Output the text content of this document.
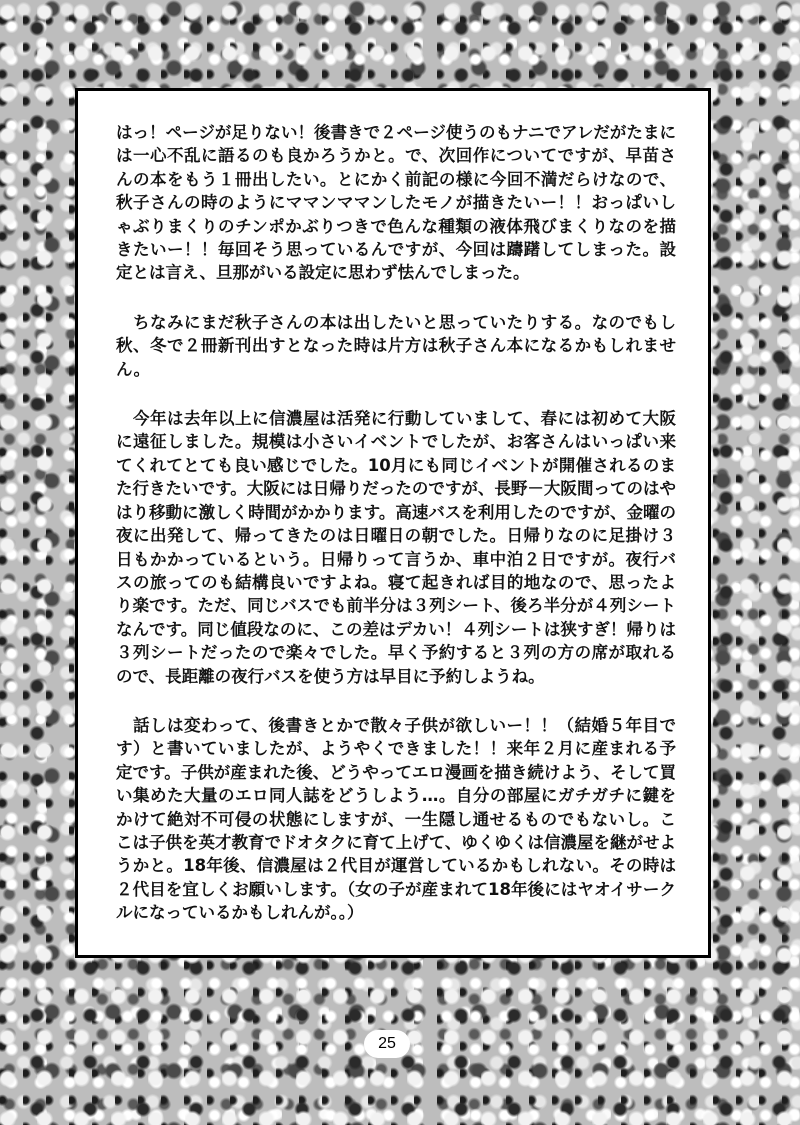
はっ！ページが足りない！後書きで２ページ使うのもナニでアレだがたまには一心不乱に語るのも良かろうかと。で、次回作についてですが、早苗さんの本をもう１冊出したい。とにかく前記の様に今回不満だらけなので、秋子さんの時のようにママンママンしたモノが描きたいー！！おっぱいしゃぶりまくりのチンポかぶりつきで色んな種類の液体飛びまくりなのを描きたいー！！毎回そう思っているんですが、今回は躊躇してしまった。設定とは言え、旦那がいる設定に思わず怯んでしまった。

　ちなみにまだ秋子さんの本は出したいと思っていたりする。なのでもし秋、冬で２冊新刊出すとなった時は片方は秋子さん本になるかもしれません。

　今年は去年以上に信濃屋は活発に行動していまして、春には初めて大阪に遠征しました。規模は小さいイベントでしたが、お客さんはいっぱい来てくれてとても良い感じでした。10月にも同じイベントが開催されるのまた行きたいです。大阪には日帰りだったのですが、長野－大阪間ってのはやはり移動に激しく時間がかかります。高速バスを利用したのですが、金曜の夜に出発して、帰ってきたのは日曜日の朝でした。日帰りなのに足掛け３日もかかっているという。日帰りって言うか、車中泊２日ですが。夜行バスの旅ってのも結構良いですよね。寝て起きれば目的地なので、思ったより楽です。ただ、同じバスでも前半分は３列シート、後ろ半分が４列シートなんです。同じ値段なのに、この差はデカい！４列シートは狭すぎ！帰りは３列シートだったので楽々でした。早く予約すると３列の方の席が取れるので、長距離の夜行バスを使う方は早目に予約しようね。

　話しは変わって、後書きとかで散々子供が欲しいー！！（結婚５年目です）と書いていましたが、ようやくできました！！来年２月に産まれる予定です。子供が産まれた後、どうやってエロ漫画を描き続けよう、そして買い集めた大量のエロ同人誌をどうしよう…。自分の部屋にガチガチに鍵をかけて絶対不可侵の状態にしますが、一生隠し通せるものでもないし。ここは子供を英才教育でドオタクに育て上げて、ゆくゆくは信濃屋を継がせようかと。18年後、信濃屋は２代目が運営しているかもしれない。その時は２代目を宜しくお願いします。（女の子が産まれて18年後にはヤオイサークルになっているかもしれんが。。）

25
